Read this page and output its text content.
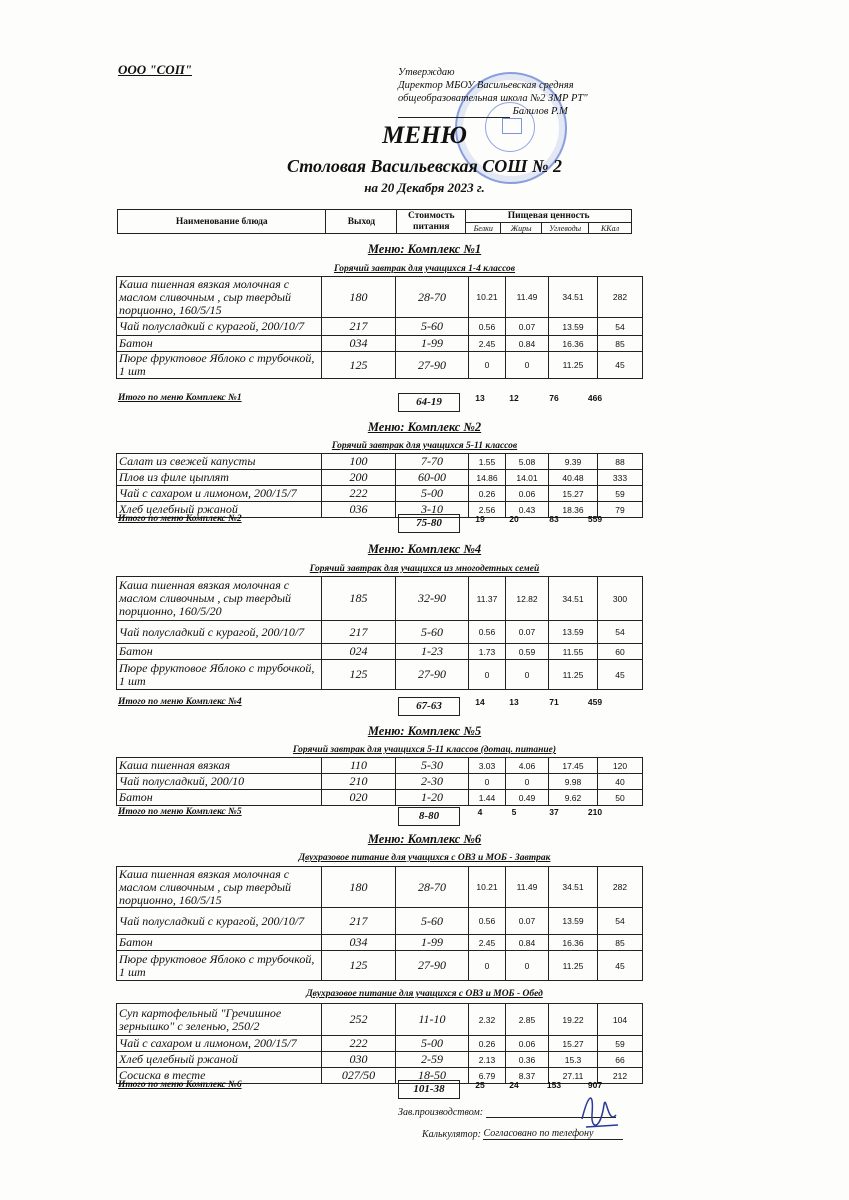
ООО "СОП"	Утверждаю
Директор МБОУ Васильевская средняя
общеобразовательная школа №2 ЗМР РТ"
Балилов Р.М
МЕНЮ
Столовая Васильевская СОШ № 2
на 20 Декабря 2023 г.
Наименование блюда	Выход	Стоимость питания	Пищевая ценность			
			Белки	Жиры	Углеводы	ККал
Меню: Комплекс №1
Горячий завтрак для учащихся 1-4 классов
Каша пшенная вязкая молочная с маслом сливочным , сыр твердый порционно, 160/5/15	180	28-70	10.21	11.49	34.51	282
Чай полусладкий с курагой, 200/10/7	217	5-60	0.56	0.07	13.59	54
Батон	034	1-99	2.45	0.84	16.36	85
Пюре фруктовое Яблоко с трубочкой, 1 шт	125	27-90	0	0	11.25	45
Итого по меню Комплекс №1	64-19	13	12	76	466
Меню: Комплекс №2
Горячий завтрак для учащихся 5-11 классов
Салат из свежей капусты	100	7-70	1.55	5.08	9.39	88
Плов из филе цыплят	200	60-00	14.86	14.01	40.48	333
Чай с сахаром и лимоном, 200/15/7	222	5-00	0.26	0.06	15.27	59
Хлеб целебный ржаной	036	3-10	2.56	0.43	18.36	79
Итого по меню Комплекс №2	75-80	19	20	83	559
Меню: Комплекс №4
Горячий завтрак для учащихся из многодетных семей
Каша пшенная вязкая молочная с маслом сливочным , сыр твердый порционно, 160/5/20	185	32-90	11.37	12.82	34.51	300
Чай полусладкий с курагой, 200/10/7	217	5-60	0.56	0.07	13.59	54
Батон	024	1-23	1.73	0.59	11.55	60
Пюре фруктовое Яблоко с трубочкой, 1 шт	125	27-90	0	0	11.25	45
Итого по меню Комплекс №4	67-63	14	13	71	459
Меню: Комплекс №5
Горячий завтрак для учащихся 5-11 классов (дотац. питание)
Каша пшенная вязкая	110	5-30	3.03	4.06	17.45	120
Чай полусладкий, 200/10	210	2-30	0	0	9.98	40
Батон	020	1-20	1.44	0.49	9.62	50
Итого по меню Комплекс №5	8-80	4	5	37	210
Меню: Комплекс №6
Двухразовое питание для учащихся с ОВЗ и МОБ - Завтрак
Каша пшенная вязкая молочная с маслом сливочным , сыр твердый порционно, 160/5/15	180	28-70	10.21	11.49	34.51	282
Чай полусладкий с курагой, 200/10/7	217	5-60	0.56	0.07	13.59	54
Батон	034	1-99	2.45	0.84	16.36	85
Пюре фруктовое Яблоко с трубочкой, 1 шт	125	27-90	0	0	11.25	45
Двухразовое питание для учащихся с ОВЗ и МОБ - Обед
Суп картофельный "Гречишное зернышко" с зеленью, 250/2	252	11-10	2.32	2.85	19.22	104
Чай с сахаром и лимоном, 200/15/7	222	5-00	0.26	0.06	15.27	59
Хлеб целебный ржаной	030	2-59	2.13	0.36	15.3	66
Сосиска в тесте	027/50	18-50	6.79	8.37	27.11	212
Итого по меню Комплекс №6	101-38	25	24	153	907
Зав.производством:
Калькулятор: Согласовано по телефону
